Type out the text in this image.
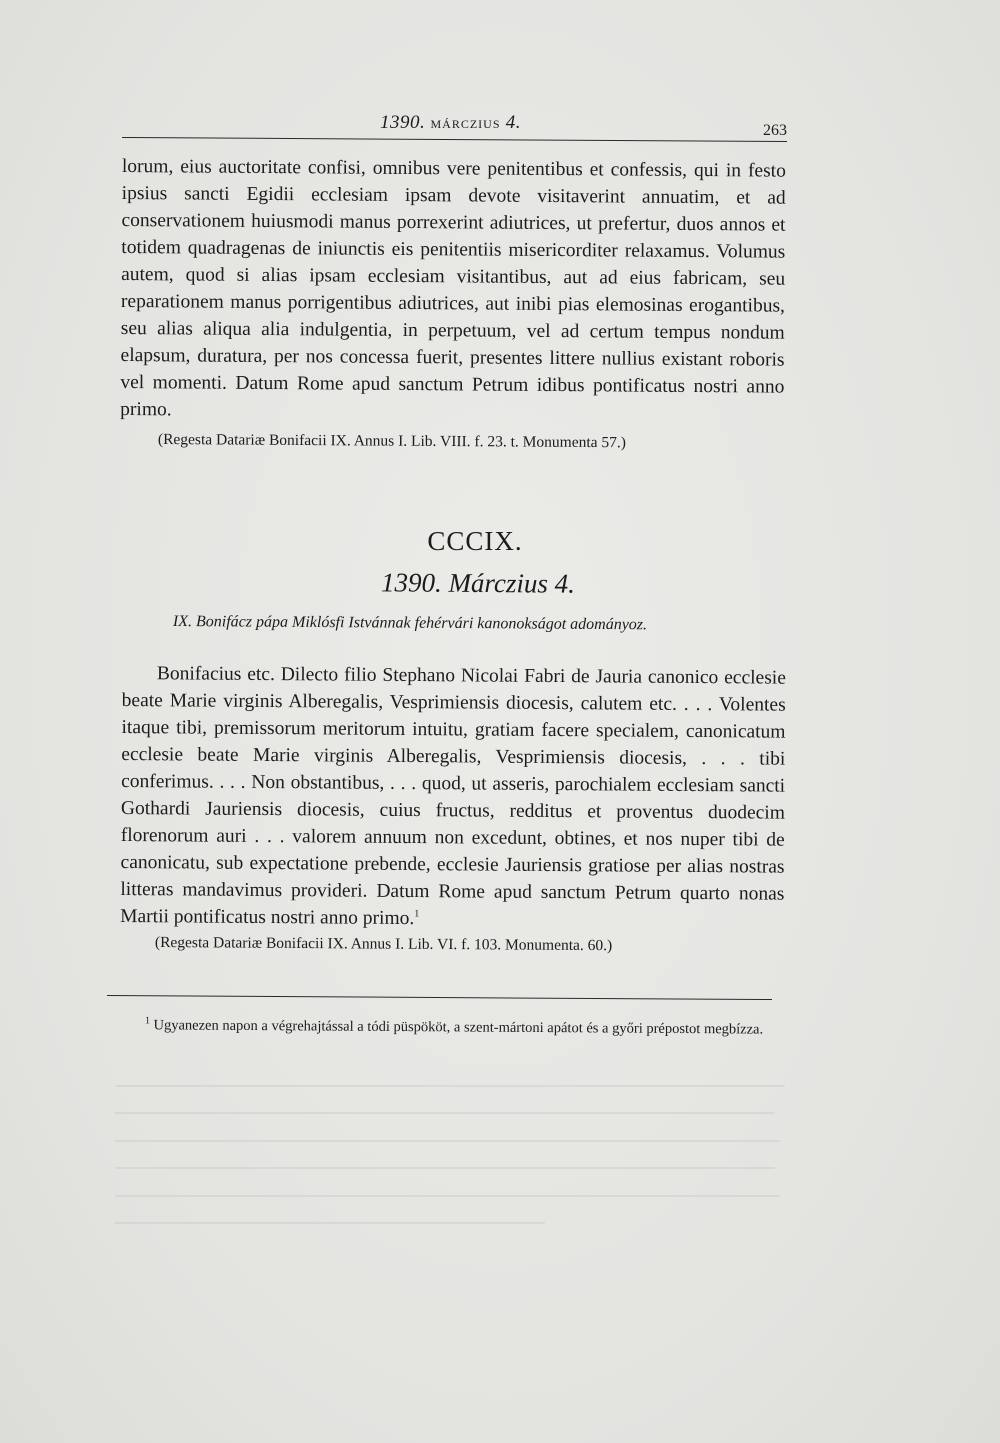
1390. MÁRCZIUS 4.	263

lorum, eius auctoritate confisi, omnibus vere penitentibus et confessis, qui in festo ipsius sancti Egidii ecclesiam ipsam devote visitaverint annuatim, et ad conservationem huiusmodi manus porrexerint adiutrices, ut prefertur, duos annos et totidem quadragenas de iniunctis eis penitentiis misericorditer relaxamus. Volumus autem, quod si alias ipsam ecclesiam visitantibus, aut ad eius fabricam, seu reparationem manus porrigentibus adiutrices, aut inibi pias elemosinas erogantibus, seu alias aliqua alia indulgentia, in perpetuum, vel ad certum tempus nondum elapsum, duratura, per nos concessa fuerit, presentes littere nullius existant roboris vel momenti. Datum Rome apud sanctum Petrum idibus pontificatus nostri anno primo.

(Regesta Datariæ Bonifacii IX. Annus I. Lib. VIII. f. 23. t. Monumenta 57.)
CCCIX.
1390. Márczius 4.
IX. Bonifácz pápa Miklósfi Istvánnak fehérvári kanonokságot adományoz.

Bonifacius etc. Dilecto filio Stephano Nicolai Fabri de Jauria canonico ecclesie beate Marie virginis Alberegalis, Vesprimiensis diocesis, calutem etc. . . . Volentes itaque tibi, premissorum meritorum intuitu, gratiam facere specialem, canonicatum ecclesie beate Marie virginis Alberegalis, Vesprimiensis diocesis, . . . tibi conferimus. . . . Non obstantibus, . . . quod, ut asseris, parochialem ecclesiam sancti Gothardi Jauriensis diocesis, cuius fructus, redditus et proventus duodecim florenorum auri . . . valorem annuum non excedunt, obtines, et nos nuper tibi de canonicatu, sub expectatione prebende, ecclesie Jauriensis gratiose per alias nostras litteras mandavimus provideri. Datum Rome apud sanctum Petrum quarto nonas Martii pontificatus nostri anno primo.$^1$

(Regesta Datariæ Bonifacii IX. Annus I. Lib. VI. f. 103. Monumenta. 60.)

$^1$ Ugyanezen napon a végrehajtással a tódi püspököt, a szent-mártoni apátot és a győri prépostot megbízza.
